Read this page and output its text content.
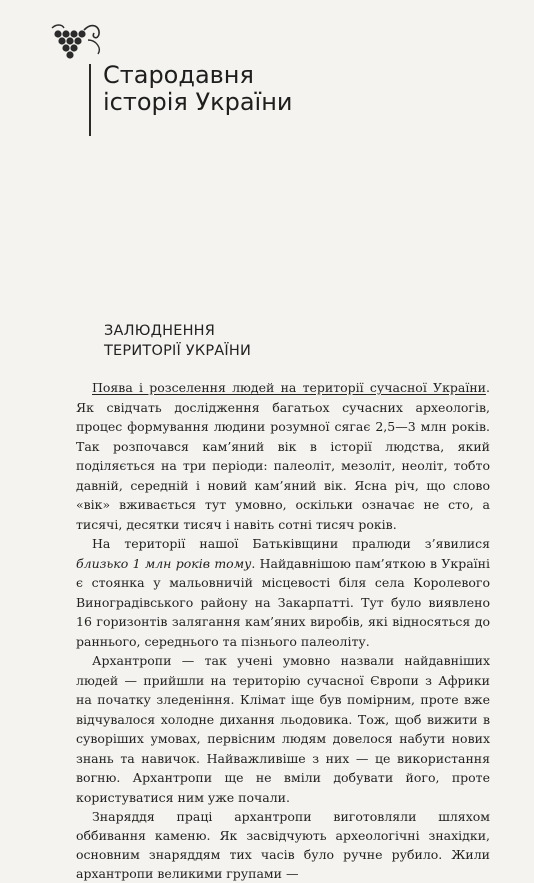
Стародавня
історія України
ЗАЛЮДНЕННЯ
ТЕРИТОРІЇ УКРАЇНИ

Поява і розселення людей на території сучасної України. Як свідчать дослідження багатьох сучасних археологів, процес формування людини розумної сягає 2,5—3 млн років. Так розпочався кам’яний вік в історії людства, який поділяється на три періоди: палеоліт, мезоліт, неоліт, тобто давній, середній і новий кам’яний вік. Ясна річ, що слово «вік» вживається тут умовно, оскільки означає не сто, а тисячі, десятки тисяч і навіть сотні тисяч років.

На території нашої Батьківщини пралюди з’явилися близько 1 млн років тому. Найдавнішою пам’яткою в Україні є стоянка у мальовничій місцевості біля села Королевого Виноградівського району на Закарпатті. Тут було виявлено 16 горизонтів залягання кам’яних виробів, які відносяться до раннього, середнього та пізнього палеоліту.

Архантропи — так учені умовно назвали найдавніших людей — прийшли на територію сучасної Європи з Африки на початку зледеніння. Клімат іще був помірним, проте вже відчувалося холодне дихання льодовика. Тож, щоб вижити в суворіших умовах, первісним людям довелося набути нових знань та навичок. Найважливіше з них — це використання вогню. Архантропи ще не вміли добувати його, проте користуватися ним уже почали.

Знаряддя праці архантропи виготовляли шляхом оббивання каменю. Як засвідчують археологічні знахідки, основним знаряддям тих часів було ручне рубило. Жили архантропи великими групами —
